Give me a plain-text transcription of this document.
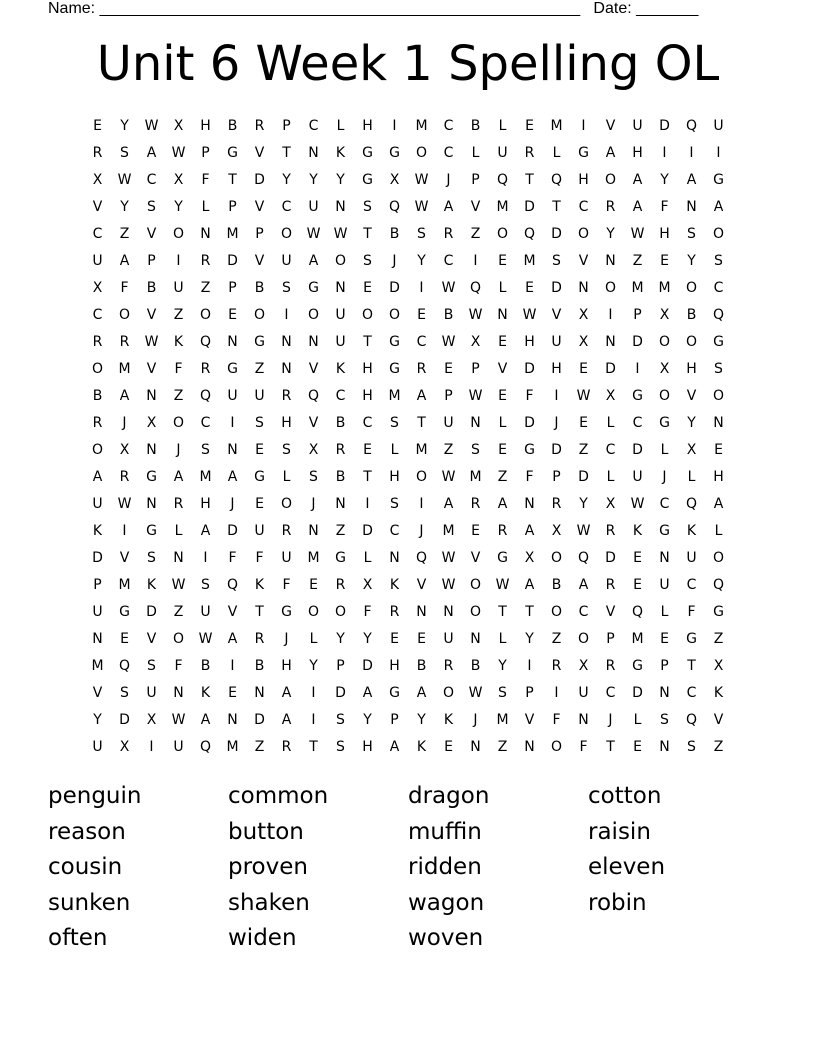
Name: ______________________________________________________   Date: _______
Unit 6 Week 1 Spelling OL
E	Y	W	X	H	B	R	P	C	L	H	I	M	C	B	L	E	M	I	V	U	D	Q	U
R	S	A	W	P	G	V	T	N	K	G	G	O	C	L	U	R	L	G	A	H	I	I	I
X	W	C	X	F	T	D	Y	Y	Y	G	X	W	J	P	Q	T	Q	H	O	A	Y	A	G
V	Y	S	Y	L	P	V	C	U	N	S	Q	W	A	V	M	D	T	C	R	A	F	N	A
C	Z	V	O	N	M	P	O	W W	T	B	S	R	Z	O	Q	D	O	Y	W	H	S	O
U	A	P	I	R	D	V	U	A	O	S	J	Y	C	I	E	M	S	V	N	Z	E	Y	S
X	F	B	U	Z	P	B	S	G	N	E	D	I	W	Q	L	E	D	N	O	M	M	O	C
C	O	V	Z	O	E	O	I	O	U	O	O	E	B	W	N	W	V	X	I	P	X	B	Q
R	R	W	K	Q	N	G	N	N	U	T	G	C	W	X	E	H	U	X	N	D	O	O	G
O	M	V	F	R	G	Z	N	V	K	H	G	R	E	P	V	D	H	E	D	I	X	H	S
B	A	N	Z	Q	U	U	R	Q	C	H	M	A	P	W	E	F	I	W	X	G	O	V	O
R	J	X	O	C	I	S	H	V	B	C	S	T	U	N	L	D	J	E	L	C	G	Y	N
O	X	N	J	S	N	E	S	X	R	E	L	M	Z	S	E	G	D	Z	C	D	L	X	E
A	R	G	A	M	A	G	L	S	B	T	H	O	W	M	Z	F	P	D	L	U	J	L	H
U	W	N	R	H	J	E	O	J	N	I	S	I	A	R	A	N	R	Y	X	W	C	Q	A
K	I	G	L	A	D	U	R	N	Z	D	C	J	M	E	R	A	X	W	R	K	G	K	L
D	V	S	N	I	F	F	U	M	G	L	N	Q	W	V	G	X	O	Q	D	E	N	U	O
P	M	K	W	S	Q	K	F	E	R	X	K	V	W	O	W	A	B	A	R	E	U	C	Q
U	G	D	Z	U	V	T	G	O	O	F	R	N	N	O	T	T	O	C	V	Q	L	F	G
N	E	V	O	W	A	R	J	L	Y	Y	E	E	U	N	L	Y	Z	O	P	M	E	G	Z
M	Q	S	F	B	I	B	H	Y	P	D	H	B	R	B	Y	I	R	X	R	G	P	T	X
V	S	U	N	K	E	N	A	I	D	A	G	A	O	W	S	P	I	U	C	D	N	C	K
Y	D	X	W	A	N	D	A	I	S	Y	P	Y	K	J	M	V	F	N	J	L	S	Q	V
U	X	I	U	Q	M	Z	R	T	S	H	A	K	E	N	Z	N	O	F	T	E	N	S	Z
penguin	common	dragon	cotton
reason	button	muffin	raisin
cousin	proven	ridden	eleven
sunken	shaken	wagon	robin
often	widen	woven
